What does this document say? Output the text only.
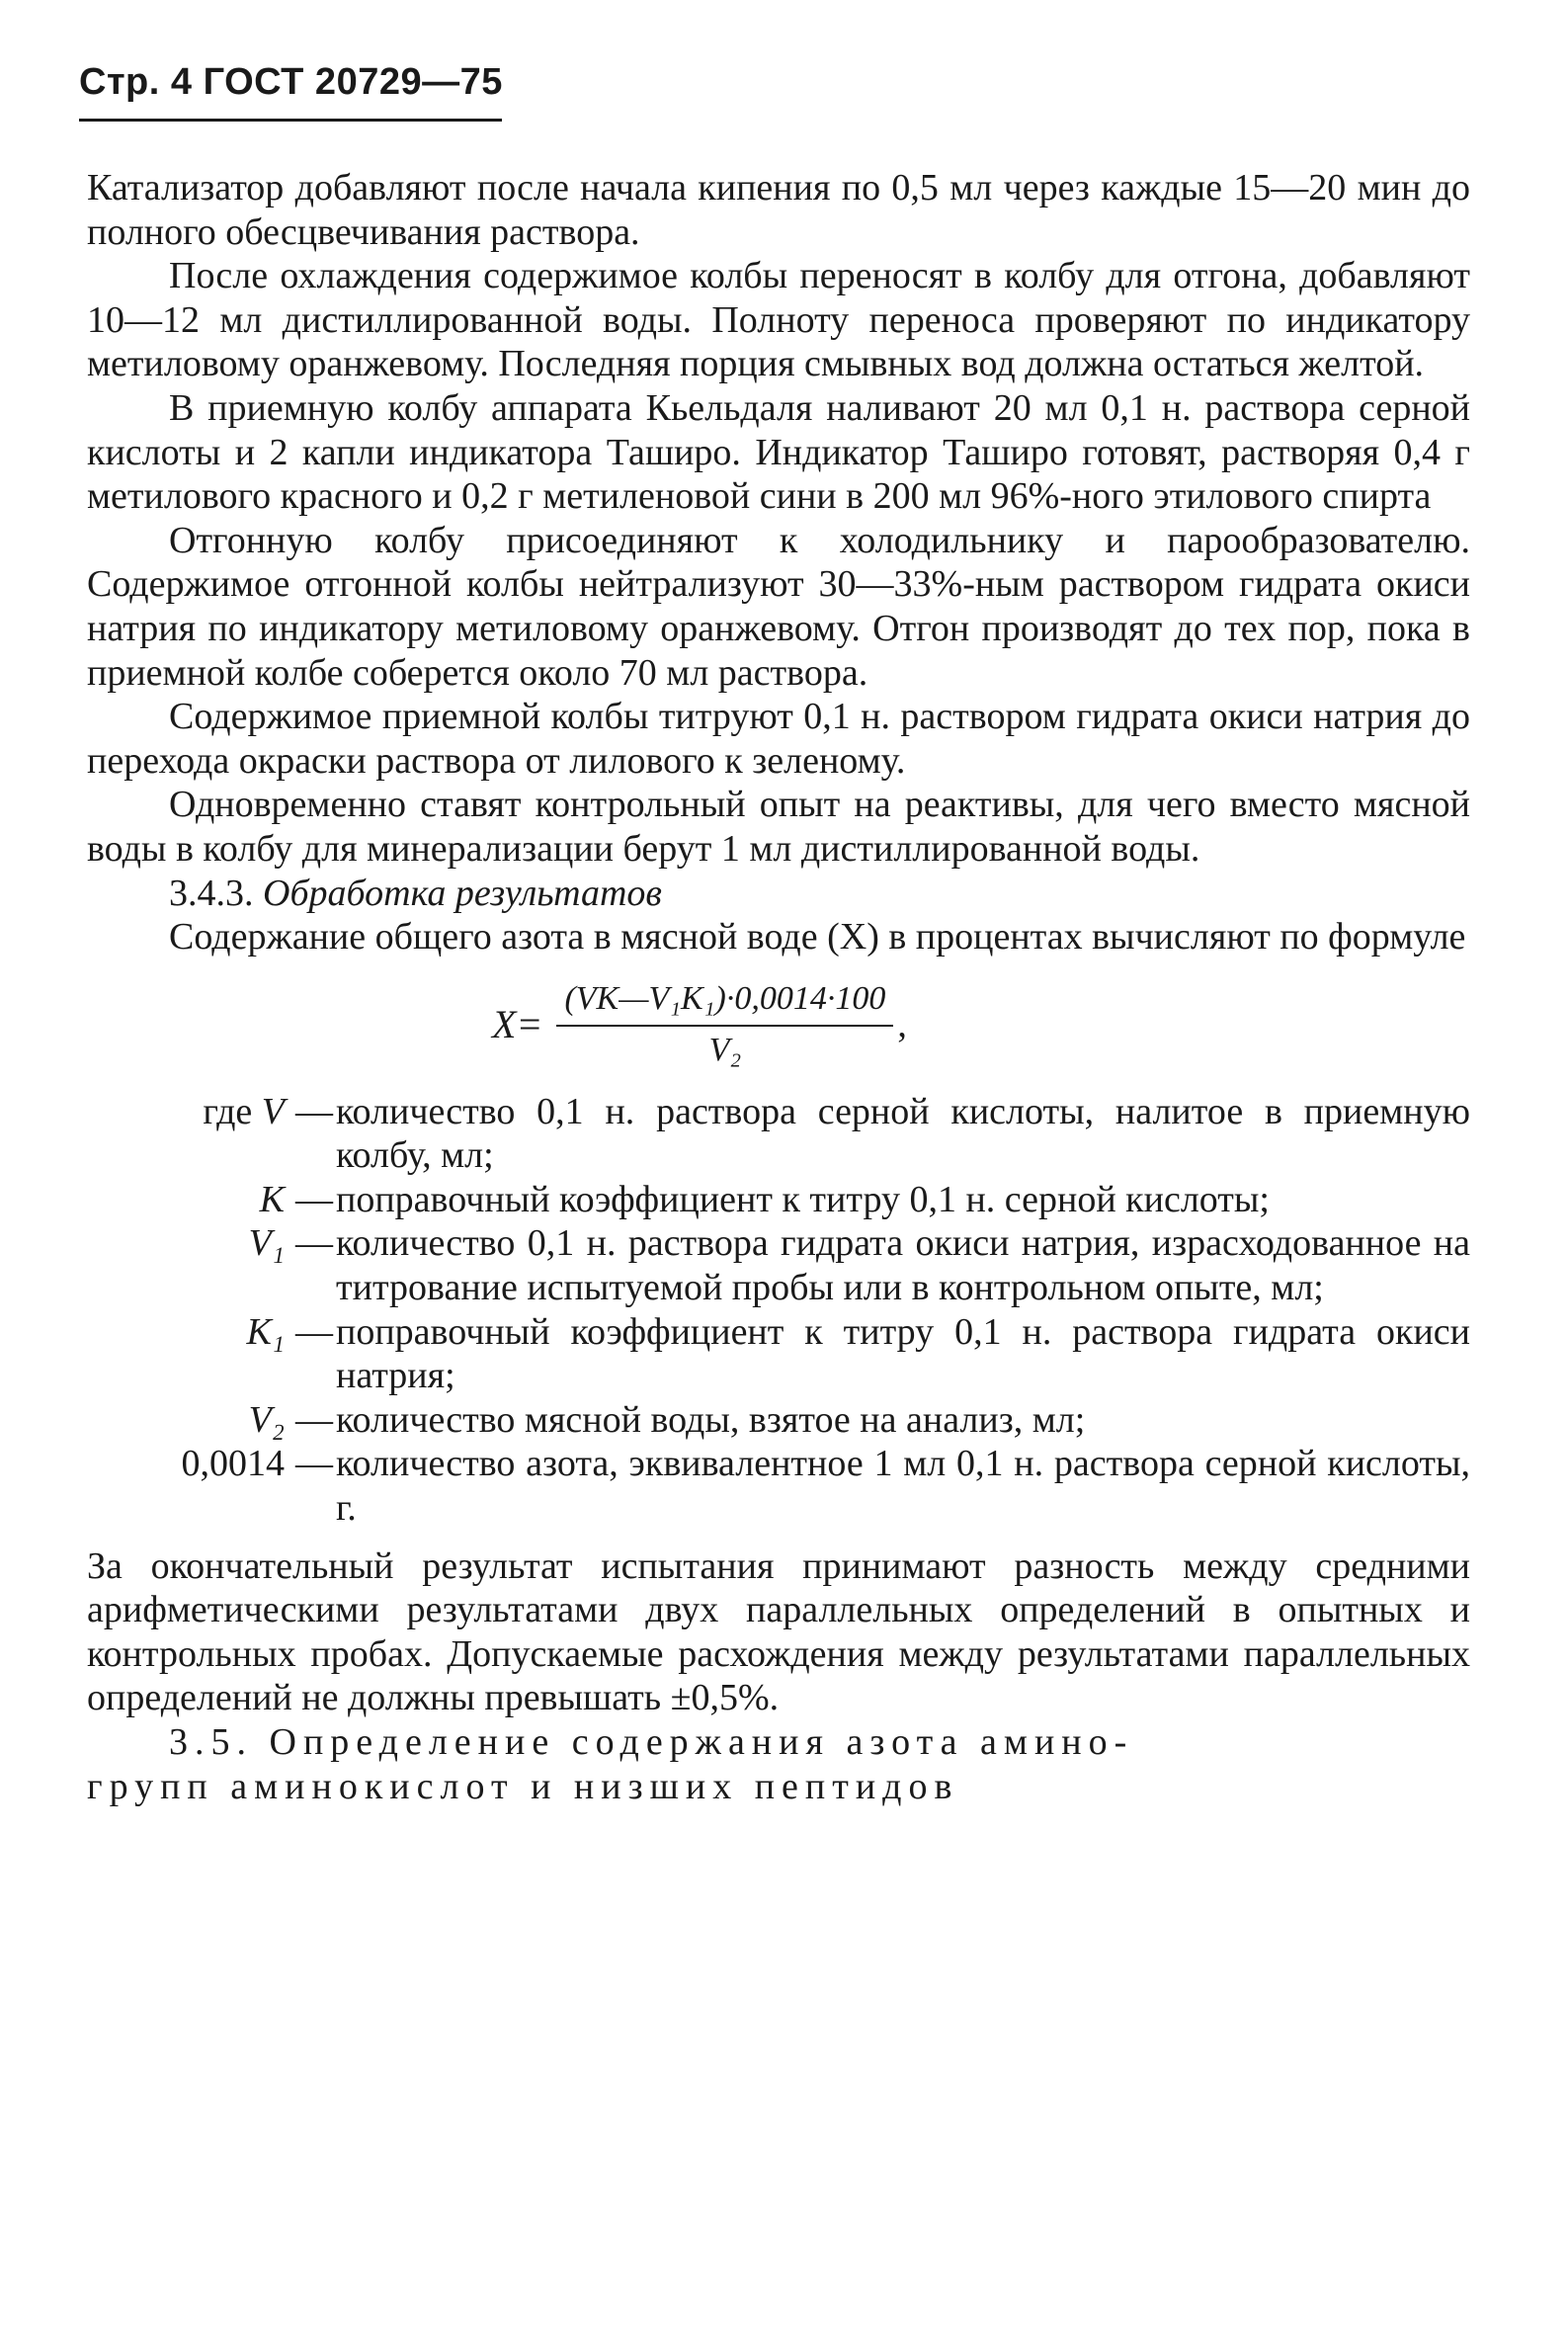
Стр. 4 ГОСТ 20729—75

Катализатор добавляют после начала кипения по 0,5 мл через каждые 15—20 мин до полного обесцвечивания раствора.

После охлаждения содержимое колбы переносят в колбу для отгона, добавляют 10—12 мл дистиллированной воды. Полноту переноса проверяют по индикатору метиловому оранжевому. Последняя порция смывных вод должна остаться желтой.

В приемную колбу аппарата Кьельдаля наливают 20 мл 0,1 н. раствора серной кислоты и 2 капли индикатора Таширо. Индикатор Таширо готовят, растворяя 0,4 г метилового красного и 0,2 г метиленовой сини в 200 мл 96%-ного этилового спирта

Отгонную колбу присоединяют к холодильнику и парообразователю. Содержимое отгонной колбы нейтрализуют 30—33%-ным раствором гидрата окиси натрия по индикатору метиловому оранжевому. Отгон производят до тех пор, пока в приемной колбе соберется около 70 мл раствора.

Содержимое приемной колбы титруют 0,1 н. раствором гидрата окиси натрия до перехода окраски раствора от лилового к зеленому.

Одновременно ставят контрольный опыт на реактивы, для чего вместо мясной воды в колбу для минерализации берут 1 мл дистиллированной воды.

3.4.3. Обработка результатов

Содержание общего азота в мясной воде (X) в процентах вычисляют по формуле

$X= \frac{\text{(VK—V₁K₁)·0,0014·100}}{\text{V₂}}$ ,
где V — количество 0,1 н. раствора серной кислоты, налитое в приемную колбу, мл;
K — поправочный коэффициент к титру 0,1 н. серной кислоты;
V₁ — количество 0,1 н. раствора гидрата окиси натрия, израсходованное на титрование испытуемой пробы или в контрольном опыте, мл;
K₁ — поправочный коэффициент к титру 0,1 н. раствора гидрата окиси натрия;
V₂ — количество мясной воды, взятое на анализ, мл;
0,0014 — количество азота, эквивалентное 1 мл 0,1 н. раствора серной кислоты, г.

За окончательный результат испытания принимают разность между средними арифметическими результатами двух параллельных определений в опытных и контрольных пробах. Допускаемые расхождения между результатами параллельных определений не должны превышать ±0,5%.

3.5. Определение содержания азота амино-

групп аминокислот и низших пептидов
